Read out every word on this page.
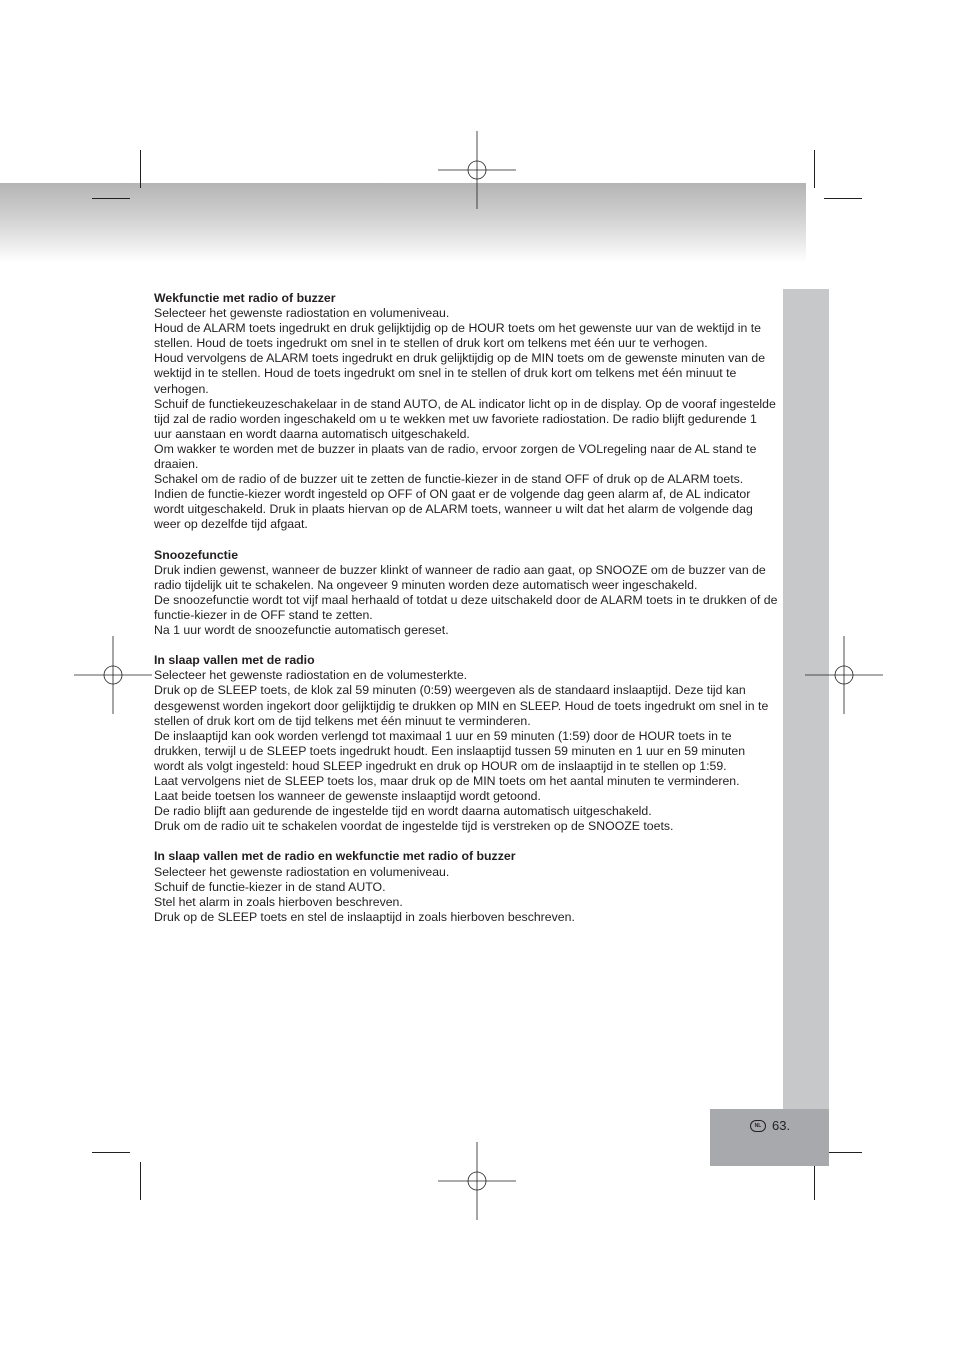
Wekfunctie met radio of buzzer

Selecteer het gewenste radiostation en volumeniveau.

Houd de ALARM toets ingedrukt en druk gelijktijdig op de HOUR toets om het gewenste uur van de wektijd in te stellen. Houd de toets ingedrukt om snel in te stellen of druk kort om telkens met één uur te verhogen.

Houd vervolgens de ALARM toets ingedrukt en druk gelijktijdig op de MIN toets om de gewenste minuten van de wektijd in te stellen. Houd de toets ingedrukt om snel in te stellen of druk kort om telkens met één minuut te verhogen.

Schuif de functiekeuzeschakelaar in de stand AUTO, de AL indicator licht op in de display. Op de vooraf ingestelde tijd zal de radio worden ingeschakeld om u te wekken met uw favoriete radiostation. De radio blijft gedurende 1 uur aanstaan en wordt daarna automatisch uitgeschakeld.

Om wakker te worden met de buzzer in plaats van de radio, ervoor zorgen de VOLregeling naar de AL stand te draaien.

Schakel om de radio of de buzzer uit te zetten de functie-kiezer in de stand OFF of druk op de ALARM toets. Indien de functie-kiezer wordt ingesteld op OFF of ON gaat er de volgende dag geen alarm af, de AL indicator wordt uitgeschakeld. Druk in plaats hiervan op de ALARM toets, wanneer u wilt dat het alarm de volgende dag weer op dezelfde tijd afgaat.

Snoozefunctie

Druk indien gewenst, wanneer de buzzer klinkt of wanneer de radio aan gaat, op SNOOZE om de buzzer van de radio tijdelijk uit te schakelen. Na ongeveer 9 minuten worden deze automatisch weer ingeschakeld.

De snoozefunctie wordt tot vijf maal herhaald of totdat u deze uitschakeld door de ALARM toets in te drukken of de functie-kiezer in de OFF stand te zetten.

Na 1 uur wordt de snoozefunctie automatisch gereset.

In slaap vallen met de radio

Selecteer het gewenste radiostation en de volumesterkte.

Druk op de SLEEP toets, de klok zal 59 minuten (0:59) weergeven als de standaard inslaaptijd. Deze tijd kan desgewenst worden ingekort door gelijktijdig te drukken op MIN en SLEEP. Houd de toets ingedrukt om snel in te stellen of druk kort om de tijd telkens met één minuut te verminderen.

De inslaaptijd kan ook worden verlengd tot maximaal 1 uur en 59 minuten (1:59) door de HOUR toets in te drukken, terwijl u de SLEEP toets ingedrukt houdt. Een inslaaptijd tussen 59 minuten en 1 uur en 59 minuten wordt als volgt ingesteld: houd SLEEP ingedrukt en druk op HOUR om de inslaaptijd in te stellen op 1:59.

Laat vervolgens niet de SLEEP toets los, maar druk op de MIN toets om het aantal minuten te verminderen.

Laat beide toetsen los wanneer de gewenste inslaaptijd wordt getoond.

De radio blijft aan gedurende de ingestelde tijd en wordt daarna automatisch uitgeschakeld.

Druk om de radio uit te schakelen voordat de ingestelde tijd is verstreken op de SNOOZE toets.

In slaap vallen met de radio en wekfunctie met radio of buzzer

Selecteer het gewenste radiostation en volumeniveau.

Schuif de functie-kiezer in de stand AUTO.

Stel het alarm in zoals hierboven beschreven.

Druk op de SLEEP toets en stel de inslaaptijd in zoals hierboven beschreven.

NL 63.
